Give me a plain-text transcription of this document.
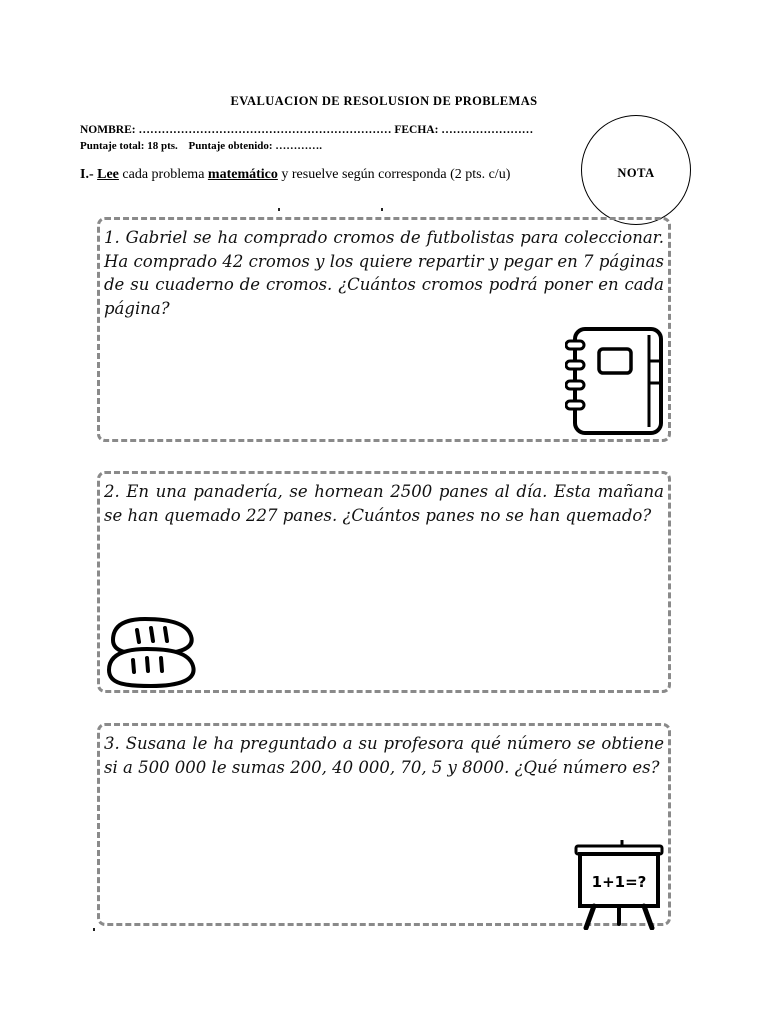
EVALUACION DE RESOLUSION DE PROBLEMAS
NOMBRE: ………………………………………………………… FECHA: ……………………
Puntaje total: 18 pts. Puntaje obtenido: ………….
I.- Lee cada problema matemático y resuelve según corresponda (2 pts. c/u)	NOTA
1. Gabriel se ha comprado cromos de futbolistas para coleccionar. Ha comprado 42 cromos y los quiere repartir y pegar en 7 páginas de su cuaderno de cromos. ¿Cuántos cromos podrá poner en cada página?
2. En una panadería, se hornean 2500 panes al día. Esta mañana se han quemado 227 panes. ¿Cuántos panes no se han quemado?
3. Susana le ha preguntado a su profesora qué número se obtiene si a 500 000 le sumas 200, 40 000, 70, 5 y 8000. ¿Qué número es?
1+1=?
